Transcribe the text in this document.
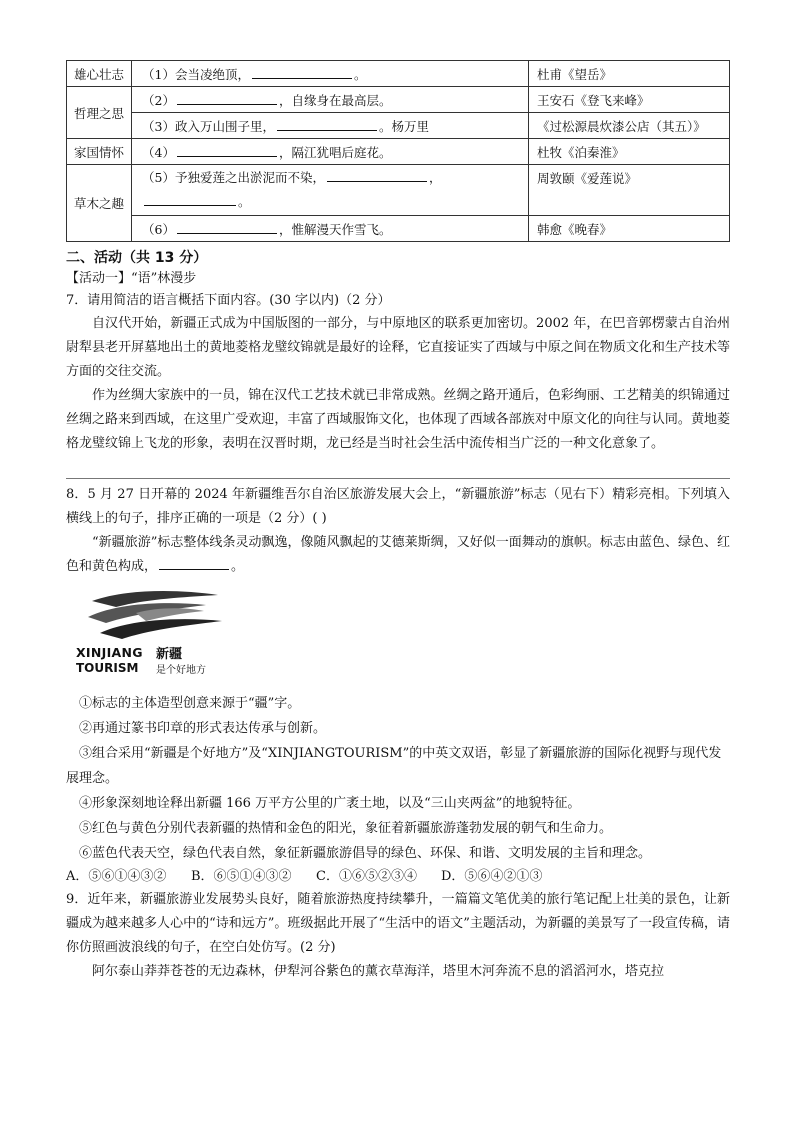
雄心壮志	（1）会当凌绝顶， 。	杜甫《望岳》
哲理之思	（2） ，自缘身在最高层。	王安石《登飞来峰》
	（3）政入万山围子里， 。杨万里	《过松源晨炊漆公店（其五）》
家国情怀	（4） ，隔江犹唱后庭花。	杜牧《泊秦淮》
草木之趣	（5）予独爱莲之出淤泥而不染， ，
。	周敦颐《爱莲说》
	（6） ，惟解漫天作雪飞。	韩愈《晚春》
二、活动（共 13 分）
【活动一】“语”林漫步
7．请用简洁的语言概括下面内容。(30 字以内)（2 分）

自汉代开始，新疆正式成为中国版图的一部分，与中原地区的联系更加密切。2002 年，在巴音郭楞蒙古自治州尉犁县老开屏墓地出土的黄地菱格龙璧纹锦就是最好的诠释，它直接证实了西域与中原之间在物质文化和生产技术等方面的交往交流。

作为丝绸大家族中的一员，锦在汉代工艺技术就已非常成熟。丝绸之路开通后，色彩绚丽、工艺精美的织锦通过丝绸之路来到西域，在这里广受欢迎，丰富了西域服饰文化，也体现了西域各部族对中原文化的向往与认同。黄地菱格龙璧纹锦上飞龙的形象，表明在汉晋时期，龙已经是当时社会生活中流传相当广泛的一种文化意象了。

8．5 月 27 日开幕的 2024 年新疆维吾尔自治区旅游发展大会上，“新疆旅游”标志（见右下）精彩亮相。下列填入横线上的句子，排序正确的一项是（2 分）( )

“新疆旅游”标志整体线条灵动飘逸，像随风飘起的艾德莱斯绸，又好似一面舞动的旗帜。标志由蓝色、绿色、红色和黄色构成，	。

XINJIANG 新疆
TOURISM 是个好地方

①标志的主体造型创意来源于“疆”字。

②再通过篆书印章的形式表达传承与创新。

③组合采用“新疆是个好地方”及“XINJIANGTOURISM”的中英文双语，彰显了新疆旅游的国际化视野与现代发展理念。

④形象深刻地诠释出新疆 166 万平方公里的广袤土地，以及“三山夹两盆”的地貌特征。

⑤红色与黄色分别代表新疆的热情和金色的阳光，象征着新疆旅游蓬勃发展的朝气和生命力。

⑥蓝色代表天空，绿色代表自然，象征新疆旅游倡导的绿色、环保、和谐、文明发展的主旨和理念。

A．⑤⑥①④③②	B．⑥⑤①④③②	C．①⑥⑤②③④	D．⑤⑥④②①③

9．近年来，新疆旅游业发展势头良好，随着旅游热度持续攀升，一篇篇文笔优美的旅行笔记配上壮美的景色，让新疆成为越来越多人心中的“诗和远方”。班级据此开展了“生活中的语文”主题活动，为新疆的美景写了一段宣传稿，请你仿照画波浪线的句子，在空白处仿写。(2 分)

阿尔泰山莽莽苍苍的无边森林，伊犁河谷紫色的薰衣草海洋，塔里木河奔流不息的滔滔河水，塔克拉
